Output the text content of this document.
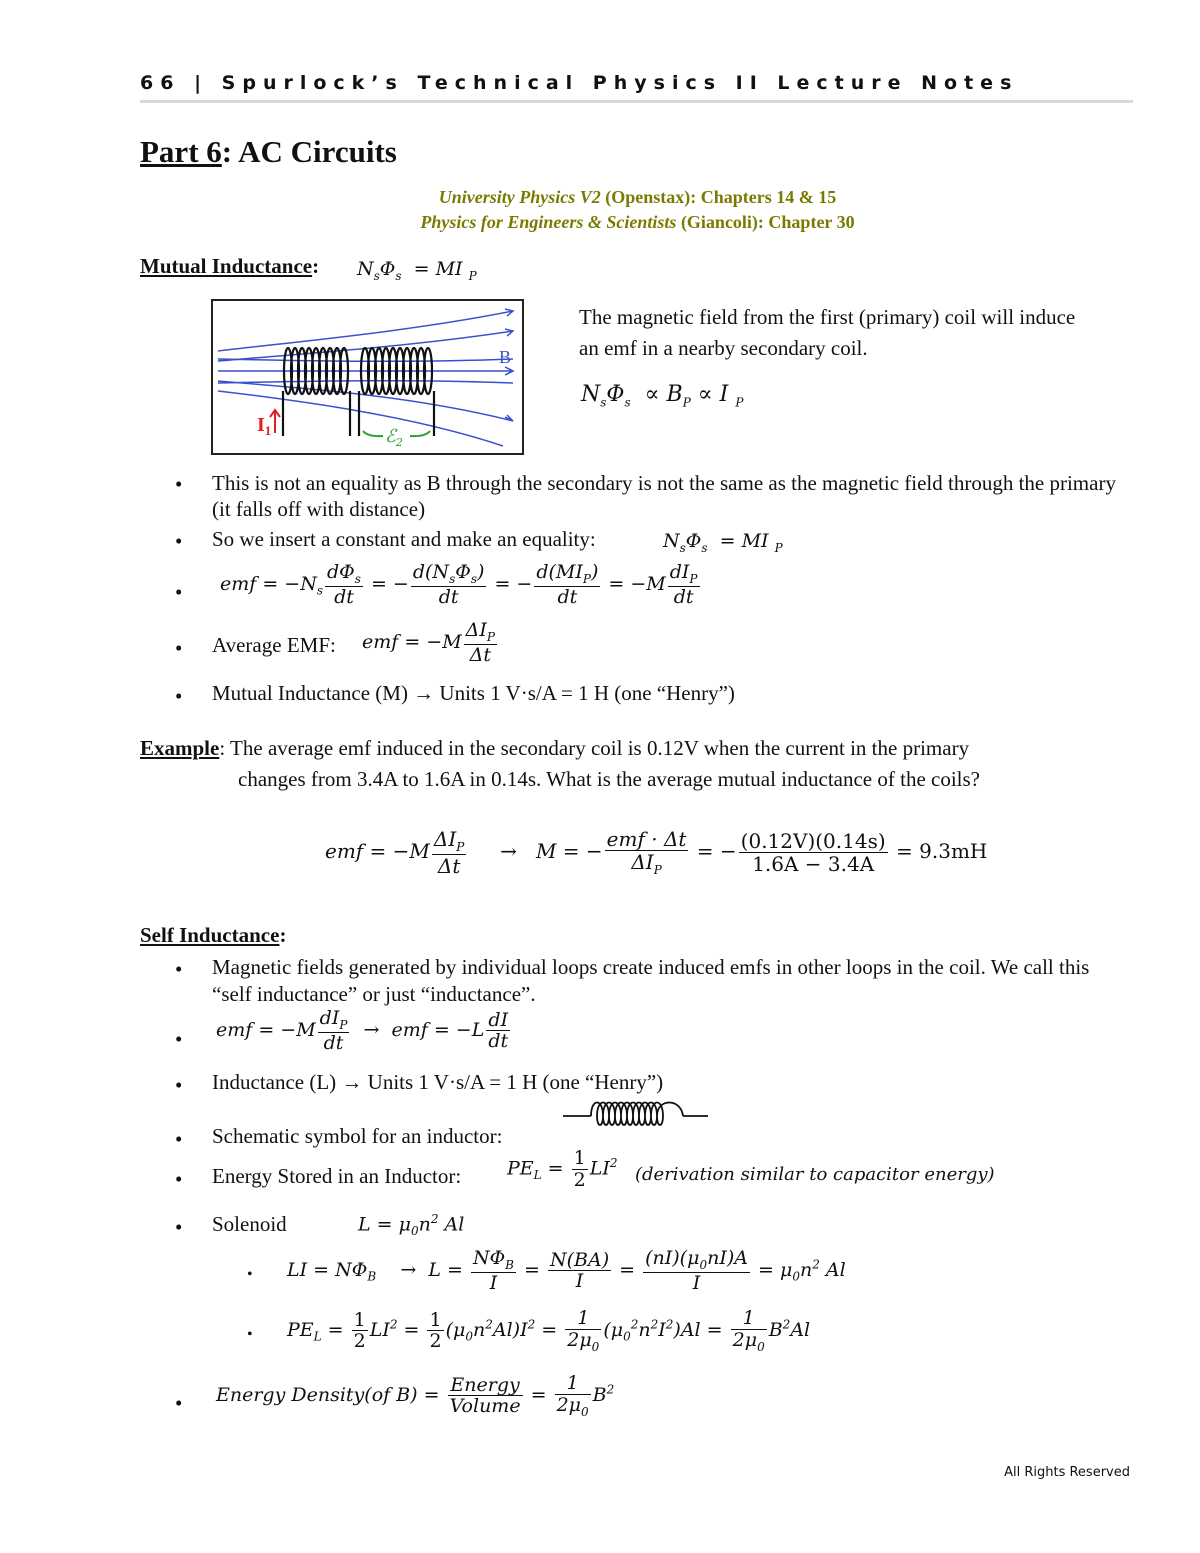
66 | Spurlock’s Technical Physics II Lecture Notes
Part 6: AC Circuits
University Physics V2 (Openstax): Chapters 14 & 15
Physics for Engineers & Scientists (Giancoli): Chapter 30
Mutual Inductance: $N_s\Phi_s$  = MI $_P$
B
$I_1$	ℰ$_2$
The magnetic field from the first (primary) coil will induce an emf in a nearby secondary coil.
$N_s\Phi_s \propto B_P \propto I$ $_P$
• This is not an equality as B through the secondary is not the same as the magnetic field through the primary (it falls off with distance)
• So we insert a constant and make an equality:	$N_s\Phi_s$  = MI $_P$
• emf = $-N_s \frac{d\Phi_s}{dt}$ = − $\frac{d(N_s\Phi_s)}{dt}$ = − $\frac{d(MI_P)}{dt} = -M \frac{dI_P}{dt}$
• Average EMF: emf = $-M \frac{\Delta I_P}{\Delta t}$
• Mutual Inductance (M) → Units 1 V·s/A = 1 H (one “Henry”)
Example: The average emf induced in the secondary coil is 0.12V when the current in the primary
changes from 3.4A to 1.6A in 0.14s. What is the average mutual inductance of the coils?
emf = $-M \frac{\Delta I_P}{\Delta t} \to M$ = − $\frac{\text{emf · Δt}}{\Delta I_P}$ = − $\frac{(0.12V)(0.14s)}{1.6A - 3.4A} = 9.3mH$
Self Inductance:
• Magnetic fields generated by individual loops create induced emfs in other loops in the coil. We call this “self inductance” or just “inductance”.
• emf = $-M \frac{dI_P}{dt}$ →  emf = $-L \frac{dI}{dt}$
• Inductance (L) → Units 1 V·s/A = 1 H (one “Henry”)
• Schematic symbol for an inductor:
• Energy Stored in an Inductor: $PE_L = \frac{1}{2} LI^2$
(derivation similar to capacitor energy)
• Solenoid	$L = \mu_0n^2$ Al
• LI = $N\Phi_B$    →  $L = \frac{N\Phi_B}{I} = \frac{N(BA)}{I} = \frac{(nI)(\mu_0nI)A}{I} = \mu_0n^2$ Al
• $PE_L = \frac{1}{2} LI^2 = \frac{1}{2} (\mu_0n^2Al)I^2 = \frac{1}{2\mu_0} (\mu_0^2n^2I^2)Al = \frac{1}{2\mu_0} B^2Al$
• Energy Density(of $B) = \frac{\text{Energy}}{\text{Volume}} = \frac{1}{2\mu_0} B^2$
All Rights Reserved
